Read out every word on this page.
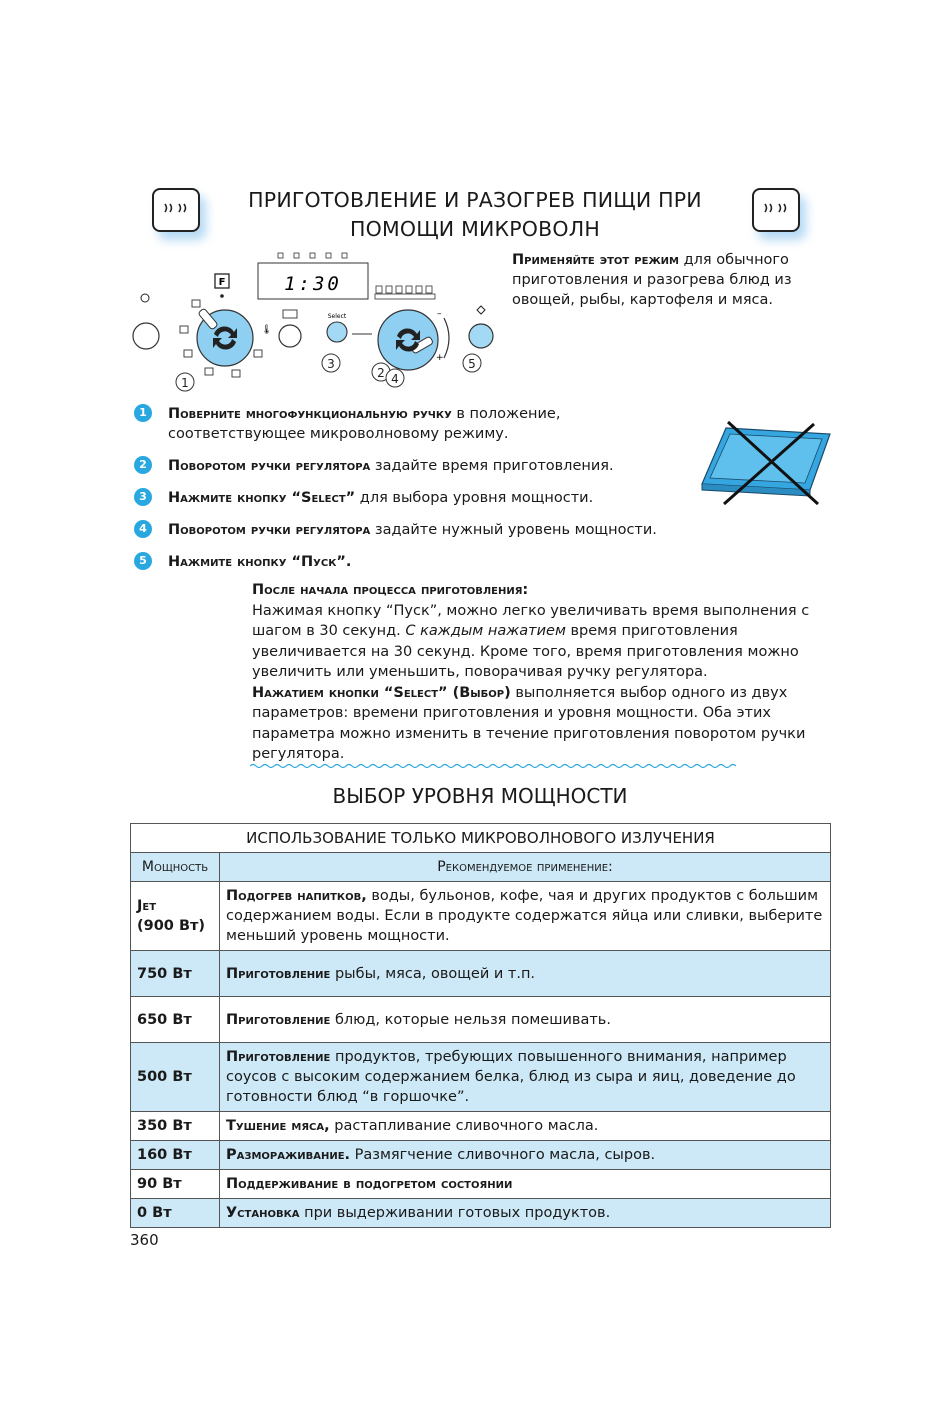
ПРИГОТОВЛЕНИЕ И РАЗОГРЕВ ПИЩИ ПРИ
ПОМОЩИ МИКРОВОЛН
F
🌡
1:30
Select	–
+
1
3
2 4
5
Применяйте этот режим для обычного приготовления и разогрева блюд из овощей, рыбы, картофеля и мяса.
1	Поверните многофункциональную ручку в положение, соответствующее микроволновому режиму.
2	Поворотом ручки регулятора задайте время приготовления.
3	Нажмите кнопку “Select” для выбора уровня мощности.
4	Поворотом ручки регулятора задайте нужный уровень мощности.
5	Нажмите кнопку “Пуск”.

После начала процесса приготовления:

Нажимая кнопку “Пуск”, можно легко увеличивать время выполнения с шагом в 30 секунд. С каждым нажатием время приготовления увеличивается на 30 секунд. Кроме того, время приготовления можно увеличить или уменьшить, поворачивая ручку регулятора.

Нажатием кнопки “Select” (Выбор) выполняется выбор одного из двух параметров: времени приготовления и уровня мощности. Оба этих параметра можно изменить в течение приготовления поворотом ручки регулятора.

ВЫБОР УРОВНЯ МОЩНОСТИ
ИСПОЛЬЗОВАНИЕ ТОЛЬКО МИКРОВОЛНОВОГО ИЗЛУЧЕНИЯ	
Мощность	Рекомендуемое применение:
Jet
(900 Вт)	Подогрев напитков, воды, бульонов, кофе, чая и других продуктов с большим содержанием воды. Если в продукте содержатся яйца или сливки, выберите меньший уровень мощности.
750 Вт	Приготовление рыбы, мяса, овощей и т.п.
650 Вт	Приготовление блюд, которые нельзя помешивать.
500 Вт	Приготовление продуктов, требующих повышенного внимания, например соусов с высоким содержанием белка, блюд из сыра и яиц, доведение до готовности блюд “в горшочке”.
350 Вт	Тушение мяса, растапливание сливочного масла.
160 Вт	Размораживание. Размягчение сливочного масла, сыров.
90 Вт	Поддерживание в подогретом состоянии
0 Вт	Установка при выдерживании готовых продуктов.
360
